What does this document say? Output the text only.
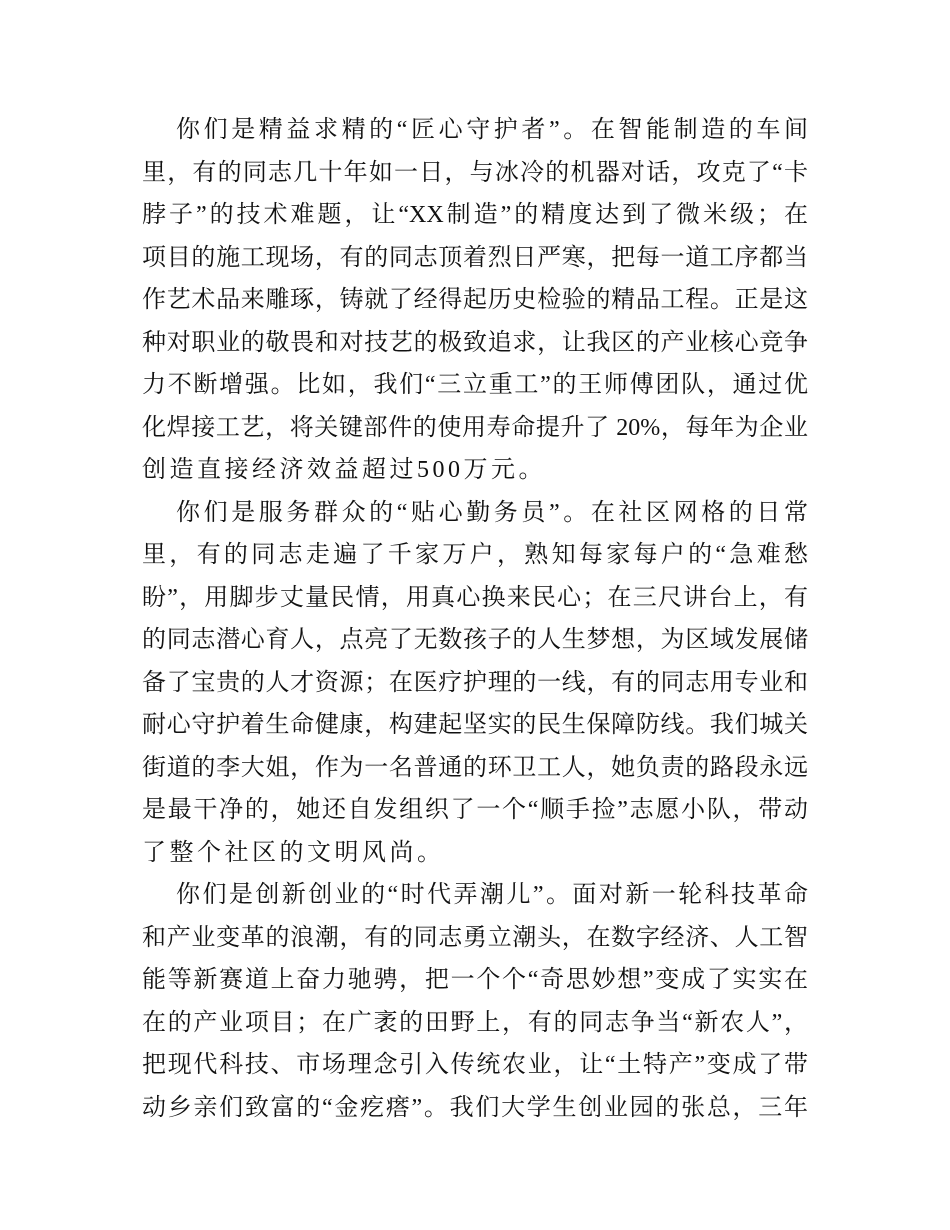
你们是精益求精的“匠心守护者”。在智能制造的车间
里，有的同志几十年如一日，与冰冷的机器对话，攻克了“卡
脖子”的技术难题，让“XX制造”的精度达到了微米级；在
项目的施工现场，有的同志顶着烈日严寒，把每一道工序都当
作艺术品来雕琢，铸就了经得起历史检验的精品工程。正是这
种对职业的敬畏和对技艺的极致追求，让我区的产业核心竞争
力不断增强。比如，我们“三立重工”的王师傅团队，通过优
化焊接工艺，将关键部件的使用寿命提升了 20%，每年为企业
创造直接经济效益超过500万元。
你们是服务群众的“贴心勤务员”。在社区网格的日常
里，有的同志走遍了千家万户，熟知每家每户的“急难愁
盼”，用脚步丈量民情，用真心换来民心；在三尺讲台上，有
的同志潜心育人，点亮了无数孩子的人生梦想，为区域发展储
备了宝贵的人才资源；在医疗护理的一线，有的同志用专业和
耐心守护着生命健康，构建起坚实的民生保障防线。我们城关
街道的李大姐，作为一名普通的环卫工人，她负责的路段永远
是最干净的，她还自发组织了一个“顺手捡”志愿小队，带动
了整个社区的文明风尚。
你们是创新创业的“时代弄潮儿”。面对新一轮科技革命
和产业变革的浪潮，有的同志勇立潮头，在数字经济、人工智
能等新赛道上奋力驰骋，把一个个“奇思妙想”变成了实实在
在的产业项目；在广袤的田野上，有的同志争当“新农人”，
把现代科技、市场理念引入传统农业，让“土特产”变成了带
动乡亲们致富的“金疙瘩”。我们大学生创业园的张总，三年
